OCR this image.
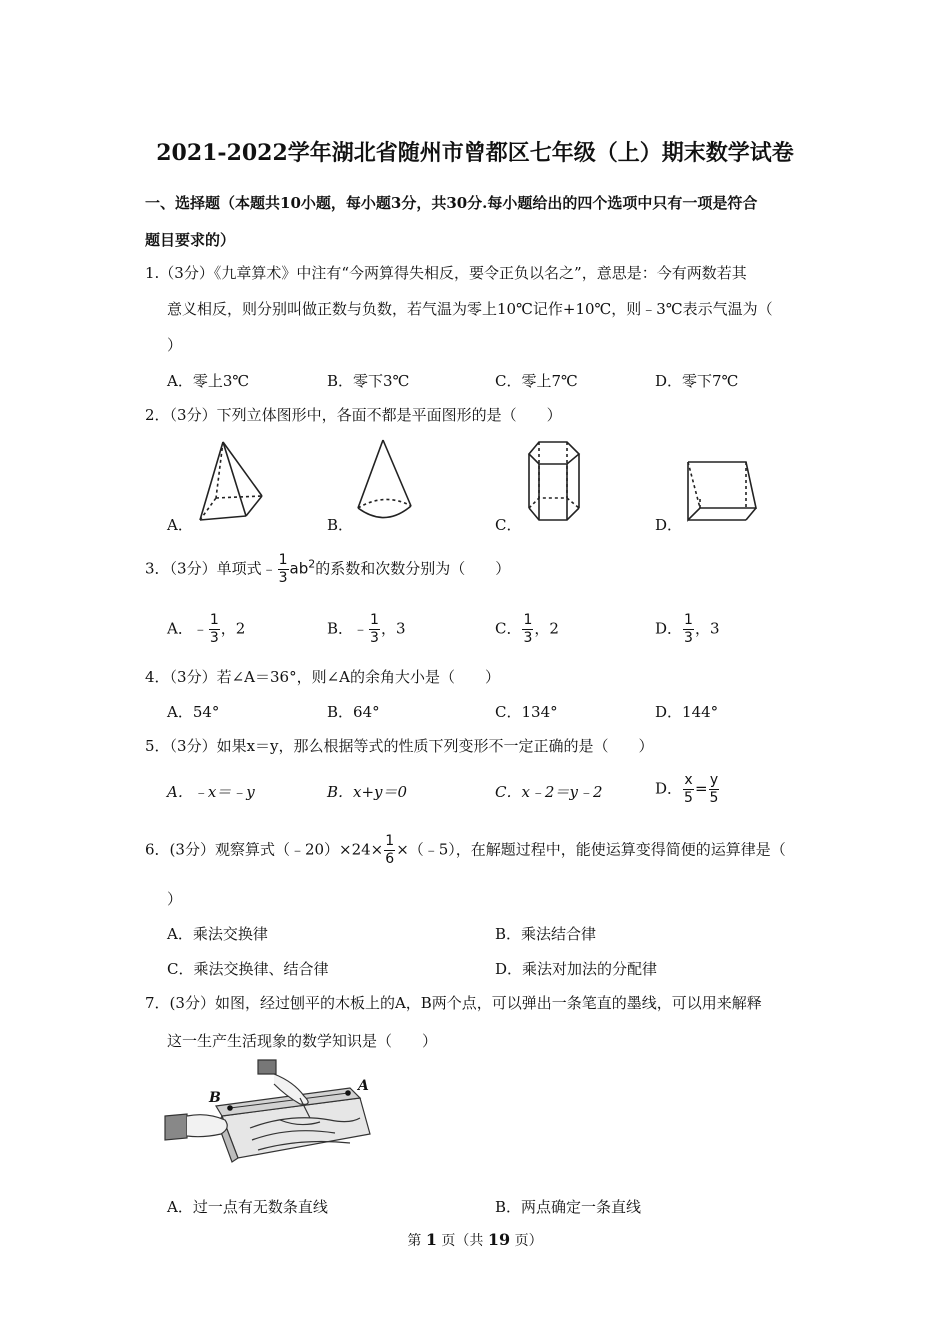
2021-2022学年湖北省随州市曾都区七年级（上）期末数学试卷
一、选择题（本题共10小题，每小题3分，共30分.每小题给出的四个选项中只有一项是符合
题目要求的）
1.（3分）《九章算术》中注有“今两算得失相反，要令正负以名之”，意思是：今有两数若其
意义相反，则分别叫做正数与负数，若气温为零上10℃记作+10℃，则﹣3℃表示气温为（
）
A．零上3℃	B．零下3℃	C．零上7℃	D．零下7℃
2．（3分）下列立体图形中，各面不都是平面图形的是（　　）
A．	B．	C．	D．
3．（3分）单项式﹣ $\frac{1}{3} ab^2$的系数和次数分别为（　　）
A．﹣ $\frac{1}{3}$ ，2	B．﹣ $\frac{1}{3}$ ，3	C． $\frac{1}{3}$ ，2	D． $\frac{1}{3}$ ，3
4．（3分）若∠A＝36°，则∠A的余角大小是（　　）
A．54°	B．64°	C．134°	D．144°
5．（3分）如果x＝y，那么根据等式的性质下列变形不一定正确的是（　　）
A．﹣x＝﹣y	B．x+y＝0	C．x﹣2＝y﹣2	D． $\frac{x}{5} = \frac{y}{5}$
6．(3分）观察算式（﹣20）×24× $\frac{1}{6}$ ×（﹣5），在解题过程中，能使运算变得简便的运算律是（
）
A．乘法交换律	B．乘法结合律
C．乘法交换律、结合律	D．乘法对加法的分配律
7．(3分）如图，经过刨平的木板上的A，B两个点，可以弹出一条笔直的墨线，可以用来解释
这一生产生活现象的数学知识是（　　）
B
A
A．过一点有无数条直线	B．两点确定一条直线
第 1 页（共 19 页）
